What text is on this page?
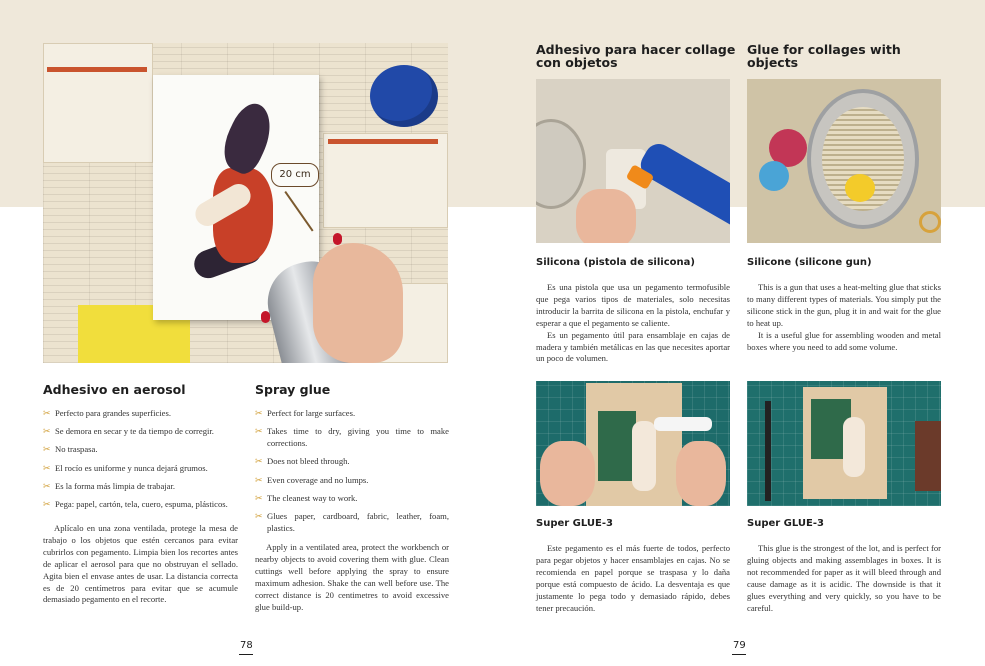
20 cm
Adhesivo en aerosol
✂ Perfecto para grandes superficies.
✂ Se demora en secar y te da tiempo de corregir.
✂ No traspasa.
✂ El rocío es uniforme y nunca dejará grumos.
✂ Es la forma más limpia de trabajar.
✂ Pega: papel, cartón, tela, cuero, espuma, plásticos.

Aplícalo en una zona ventilada, protege la mesa de trabajo o los objetos que estén cercanos para evitar cubrirlos con pegamento. Limpia bien los recortes antes de aplicar el aerosol para que no obstruyan el sellado. Agita bien el envase antes de usar. La distancia correcta es de 20 centímetros para evitar que se acumule demasiado pegamento en el recorte.

Spray glue
✂ Perfect for large surfaces.
✂ Takes time to dry, giving you time to make corrections.
✂ Does not bleed through.
✂ Even coverage and no lumps.
✂ The cleanest way to work.
✂ Glues paper, cardboard, fabric, leather, foam, plastics.

Apply in a ventilated area, protect the workbench or nearby objects to avoid covering them with glue. Clean cuttings well before applying the spray to ensure maximum adhesion. Shake the can well before use. The correct distance is 20 centimetres to avoid excessive glue build-up.

78
Adhesivo para hacer collage con objetos
Glue for collages with objects
Silicona (pistola de silicona)

Es una pistola que usa un pegamento termofusible que pega varios tipos de materiales, solo necesitas introducir la barrita de silicona en la pistola, enchufar y esperar a que el pegamento se caliente.

Es un pegamento útil para ensamblaje en cajas de madera y también metálicas en las que necesites aportar un poco de volumen.

Silicone (silicone gun)

This is a gun that uses a heat-melting glue that sticks to many different types of materials. You simply put the silicone stick in the gun, plug it in and wait for the glue to heat up.

It is a useful glue for assembling wooden and metal boxes where you need to add some volume.

Super GLUE-3

Este pegamento es el más fuerte de todos, perfecto para pegar objetos y hacer ensamblajes en cajas. No se recomienda en papel porque se traspasa y lo daña porque está compuesto de ácido. La desventaja es que justamente lo pega todo y demasiado rápido, debes tener precaución.

Super GLUE-3

This glue is the strongest of the lot, and is perfect for gluing objects and making assemblages in boxes. It is not recommended for paper as it will bleed through and cause damage as it is acidic. The downside is that it glues everything and very quickly, so you have to be careful.

79
